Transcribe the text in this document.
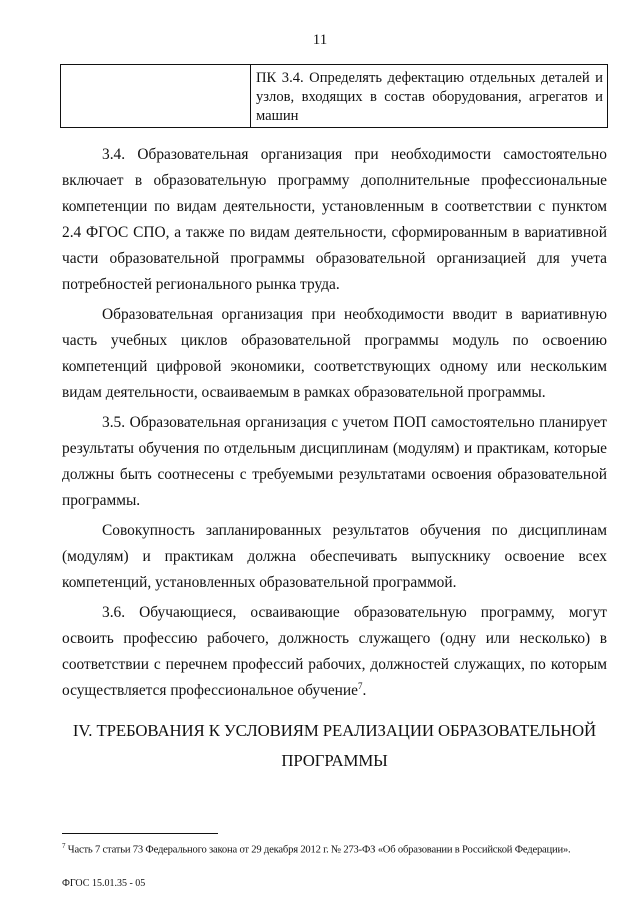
11
	ПК 3.4. Определять дефектацию отдельных деталей и узлов, входящих в состав оборудования, агрегатов и машин

3.4. Образовательная организация при необходимости самостоятельно включает в образовательную программу дополнительные профессиональные компетенции по видам деятельности, установленным в соответствии с пунктом 2.4 ФГОС СПО, а также по видам деятельности, сформированным в вариативной части образовательной программы образовательной организацией для учета потребностей регионального рынка труда.

Образовательная организация при необходимости вводит в вариативную часть учебных циклов образовательной программы модуль по освоению компетенций цифровой экономики, соответствующих одному или нескольким видам деятельности, осваиваемым в рамках образовательной программы.

3.5. Образовательная организация с учетом ПОП самостоятельно планирует результаты обучения по отдельным дисциплинам (модулям) и практикам, которые должны быть соотнесены с требуемыми результатами освоения образовательной программы.

Совокупность запланированных результатов обучения по дисциплинам (модулям) и практикам должна обеспечивать выпускнику освоение всех компетенций, установленных образовательной программой.

3.6. Обучающиеся, осваивающие образовательную программу, могут освоить профессию рабочего, должность служащего (одну или несколько) в соответствии с перечнем профессий рабочих, должностей служащих, по которым осуществляется профессиональное обучение$^7$.

IV. ТРЕБОВАНИЯ К УСЛОВИЯМ РЕАЛИЗАЦИИ ОБРАЗОВАТЕЛЬНОЙ ПРОГРАММЫ
$^7$ Часть 7 статьи 73 Федерального закона от 29 декабря 2012 г. № 273-ФЗ «Об образовании в Российской Федерации».
ФГОС 15.01.35 - 05
